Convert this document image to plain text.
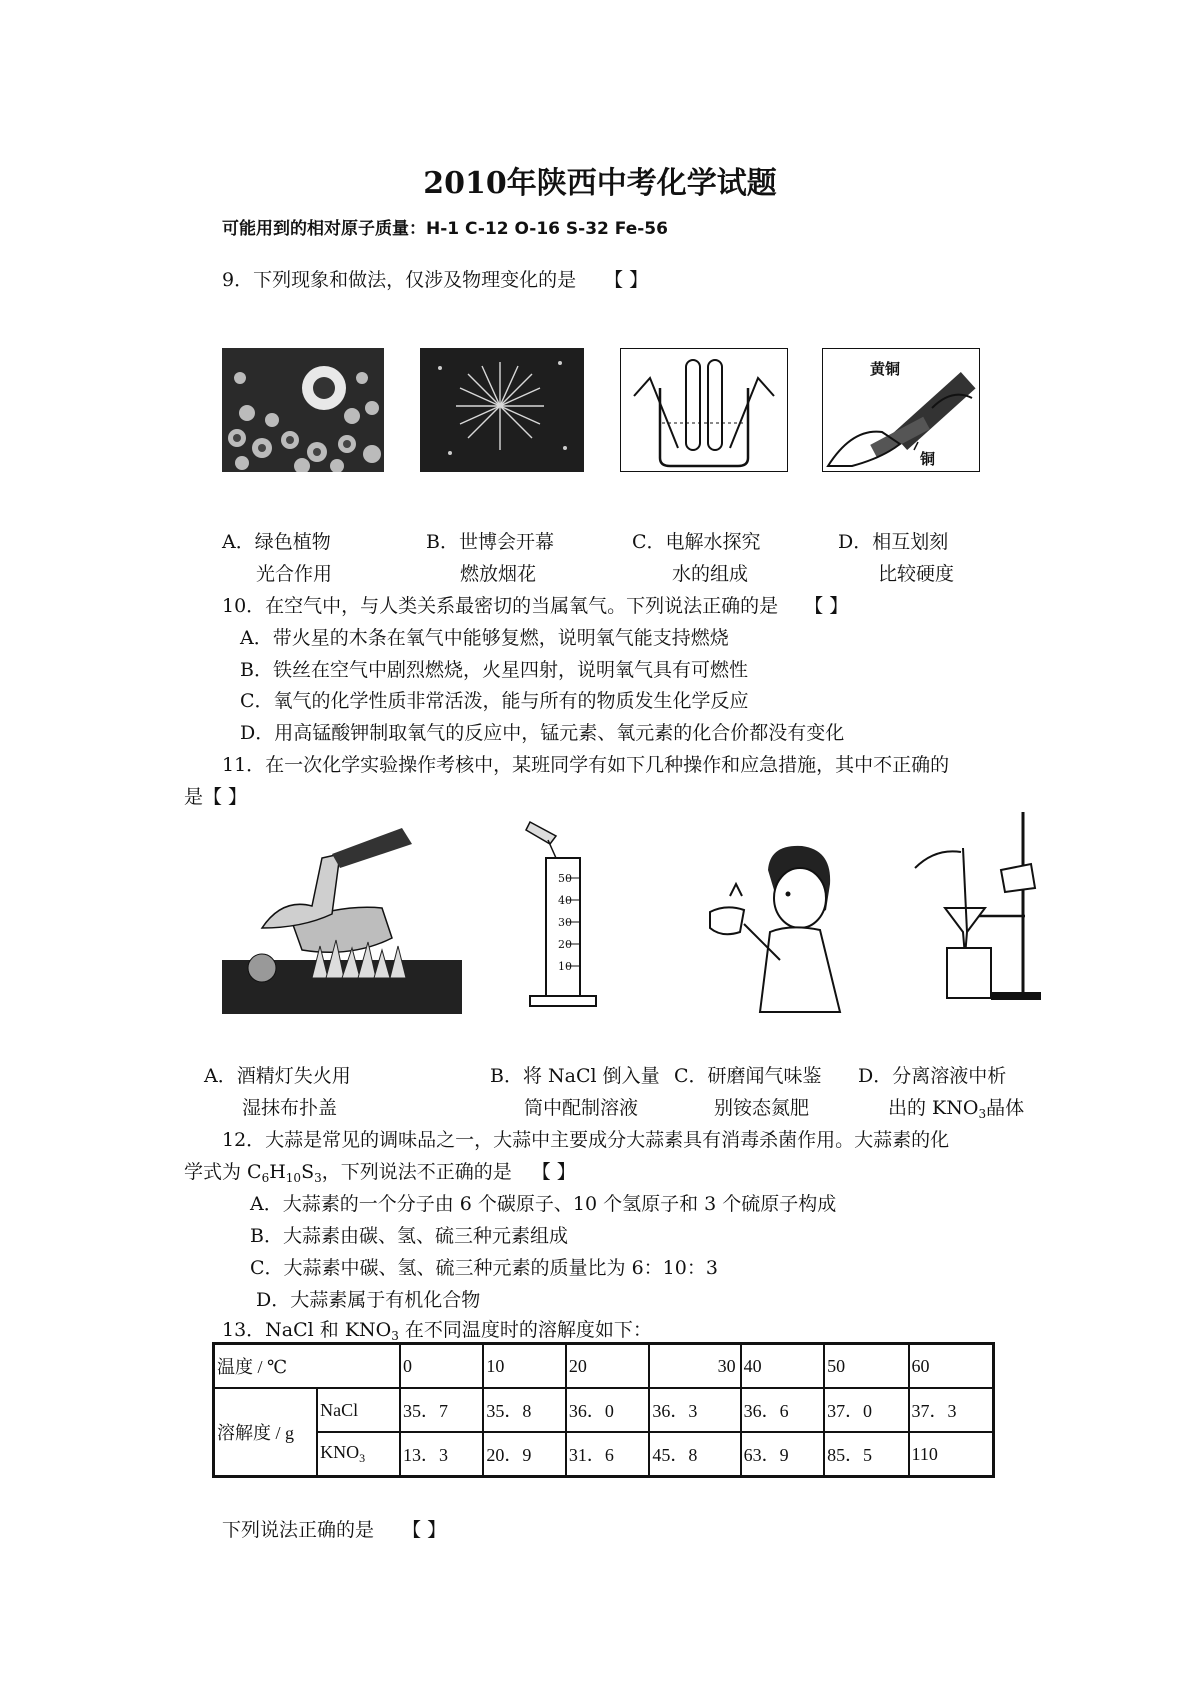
2010年陕西中考化学试题
可能用到的相对原子质量：H-1 C-12 O-16 S-32 Fe-56
9．下列现象和做法，仅涉及物理变化的是 【 】
黄铜
铜
A．绿色植物
光合作用
B．世博会开幕
燃放烟花
C．电解水探究
水的组成
D．相互划刻
比较硬度
10．在空气中，与人类关系最密切的当属氧气。下列说法正确的是 【 】
A．带火星的木条在氧气中能够复燃，说明氧气能支持燃烧
B．铁丝在空气中剧烈燃烧，火星四射，说明氧气具有可燃性
C．氧气的化学性质非常活泼，能与所有的物质发生化学反应
D．用高锰酸钾制取氧气的反应中，锰元素、氧元素的化合价都没有变化
11．在一次化学实验操作考核中，某班同学有如下几种操作和应急措施，其中不正确的
是【 】
50
40
30
20
10
A．酒精灯失火用
湿抹布扑盖
B．将 NaCl 倒入量
筒中配制溶液
C．研磨闻气味鉴
别铵态氮肥
D．分离溶液中析
出的 $KNO_3$晶体
12．大蒜是常见的调味品之一，大蒜中主要成分大蒜素具有消毒杀菌作用。大蒜素的化
学式为 $C_6H_{10}S_3$，下列说法不正确的是 【 】
A．大蒜素的一个分子由 6 个碳原子、10 个氢原子和 3 个硫原子构成
B．大蒜素由碳、氢、硫三种元素组成
C．大蒜素中碳、氢、硫三种元素的质量比为 6：10：3
D．大蒜素属于有机化合物
13．NaCl 和 $KNO_3$ 在不同温度时的溶解度如下：
温度 / ℃		0	10	20	30	40	50	60
溶解度 / g	NaCl	35．7	35．8	36．0	36．3	36．6	37．0	37．3
	$KNO_3$	13．3	20．9	31．6	45．8	63．9	85．5	110
下列说法正确的是 【 】
